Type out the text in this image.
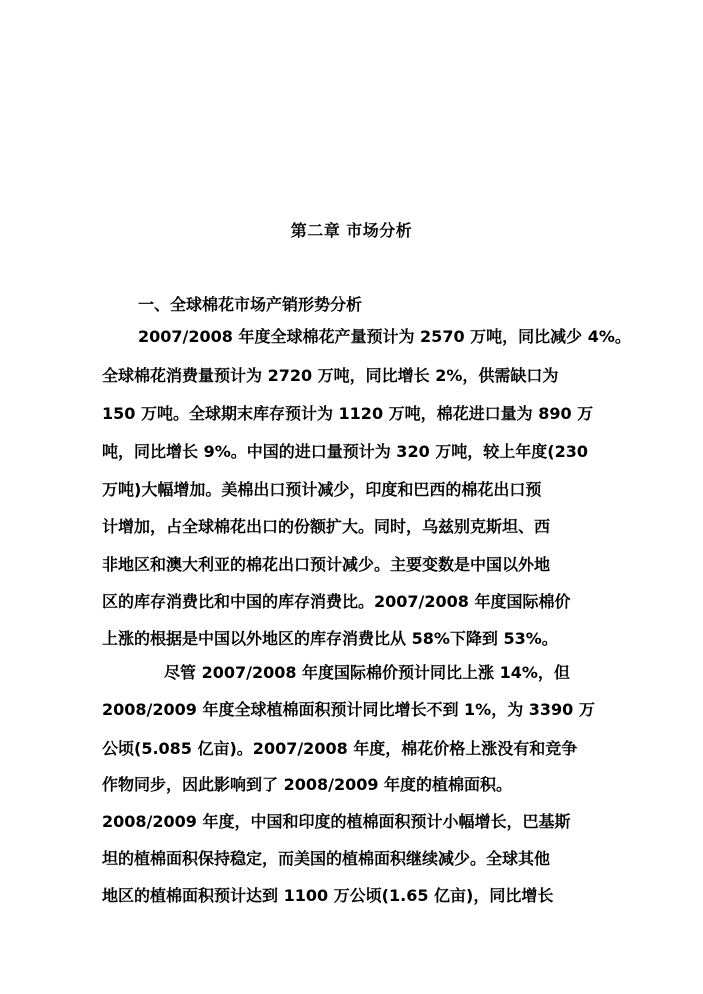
第二章 市场分析
一、全球棉花市场产销形势分析
2007/2008 年度全球棉花产量预计为 2570 万吨，同比减少 4%。
全球棉花消费量预计为 2720 万吨，同比增长 2%，供需缺口为
150 万吨。全球期末库存预计为 1120 万吨，棉花进口量为 890 万
吨，同比增长 9%。中国的进口量预计为 320 万吨，较上年度(230
万吨)大幅增加。美棉出口预计减少，印度和巴西的棉花出口预
计增加，占全球棉花出口的份额扩大。同时，乌兹别克斯坦、西
非地区和澳大利亚的棉花出口预计减少。主要变数是中国以外地
区的库存消费比和中国的库存消费比。2007/2008 年度国际棉价
上涨的根据是中国以外地区的库存消费比从 58%下降到 53%。
尽管 2007/2008 年度国际棉价预计同比上涨 14%，但
2008/2009 年度全球植棉面积预计同比增长不到 1%，为 3390 万
公顷(5.085 亿亩)。2007/2008 年度，棉花价格上涨没有和竞争
作物同步，因此影响到了 2008/2009 年度的植棉面积。
2008/2009 年度，中国和印度的植棉面积预计小幅增长，巴基斯
坦的植棉面积保持稳定，而美国的植棉面积继续减少。全球其他
地区的植棉面积预计达到 1100 万公顷(1.65 亿亩)，同比增长
